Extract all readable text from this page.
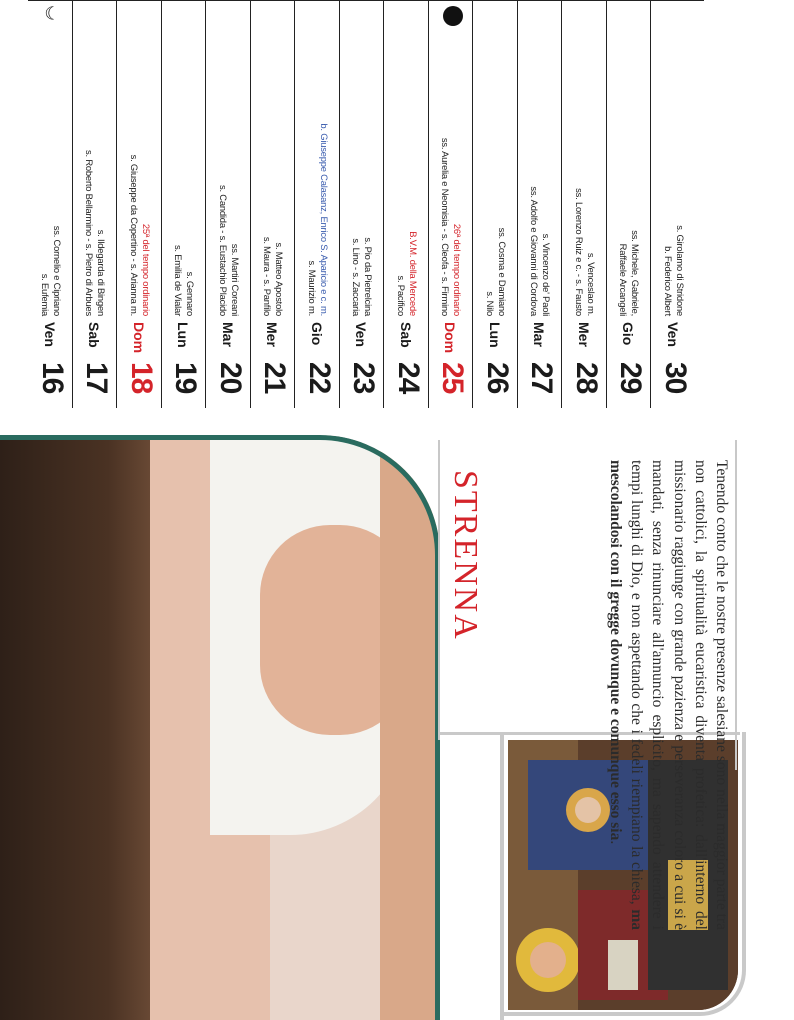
16
Ven
ss. Cornelio e Cipriano
s. Eufemia
☾
17
Sab
s. Ildegarda di Bingen
s. Roberto Bellarmino - s. Pietro di Arbues
18
Dom
25ª del tempo ordinario
s. Giuseppe da Copertino - s. Arianna m.
19
Lun
s. Gennaro
s. Emilia de Vialar
20
Mar
ss. Martiri Coreani
s. Candida - s. Eustachio Placido
21
Mer
s. Matteo Apostolo
s. Maura - s. Panfilo
22
Gio
b. Giuseppe Calasanz, Enrico S. Aparicio e c. m.
s. Maurizio m.
23
Ven
s. Pio da Pietrelcina
s. Lino - s. Zaccaria
24
Sab
B.V.M. della Mercede
s. Pacifico
25
Dom
26ª del tempo ordinario
ss. Aurelia e Neomisia - s. Cleofa - s. Firmino
26
Lun
ss. Cosma e Damiano
s. Nilo
27
Mar
s. Vincenzo de' Paoli
ss. Adolfo e Giovanni di Cordova
28
Mer
s. Venceslao m.
ss. Lorenzo Ruiz e c. - s. Fausto
29
Gio
ss. Michele, Gabriele,
Raffaele Arcangeli
30
Ven
s. Girolamo di Stridone
b. Federico Albert
Tenendo conto che le nostre presenze salesiane sono nella maggior parte tra non cattolici, la spiritualità eucaristica diventa profetica: dall'interno del missionario raggiunge con grande pazienza e perseveranza coloro a cui si è mandati, senza rinunciare all'annuncio esplicito, ma sapendo attendere i tempi lunghi di Dio, e non aspettando che i fedeli riempiano la chiesa, ma mescolandosi con il gregge dovunque e comunque esso sia.
STRENNA
